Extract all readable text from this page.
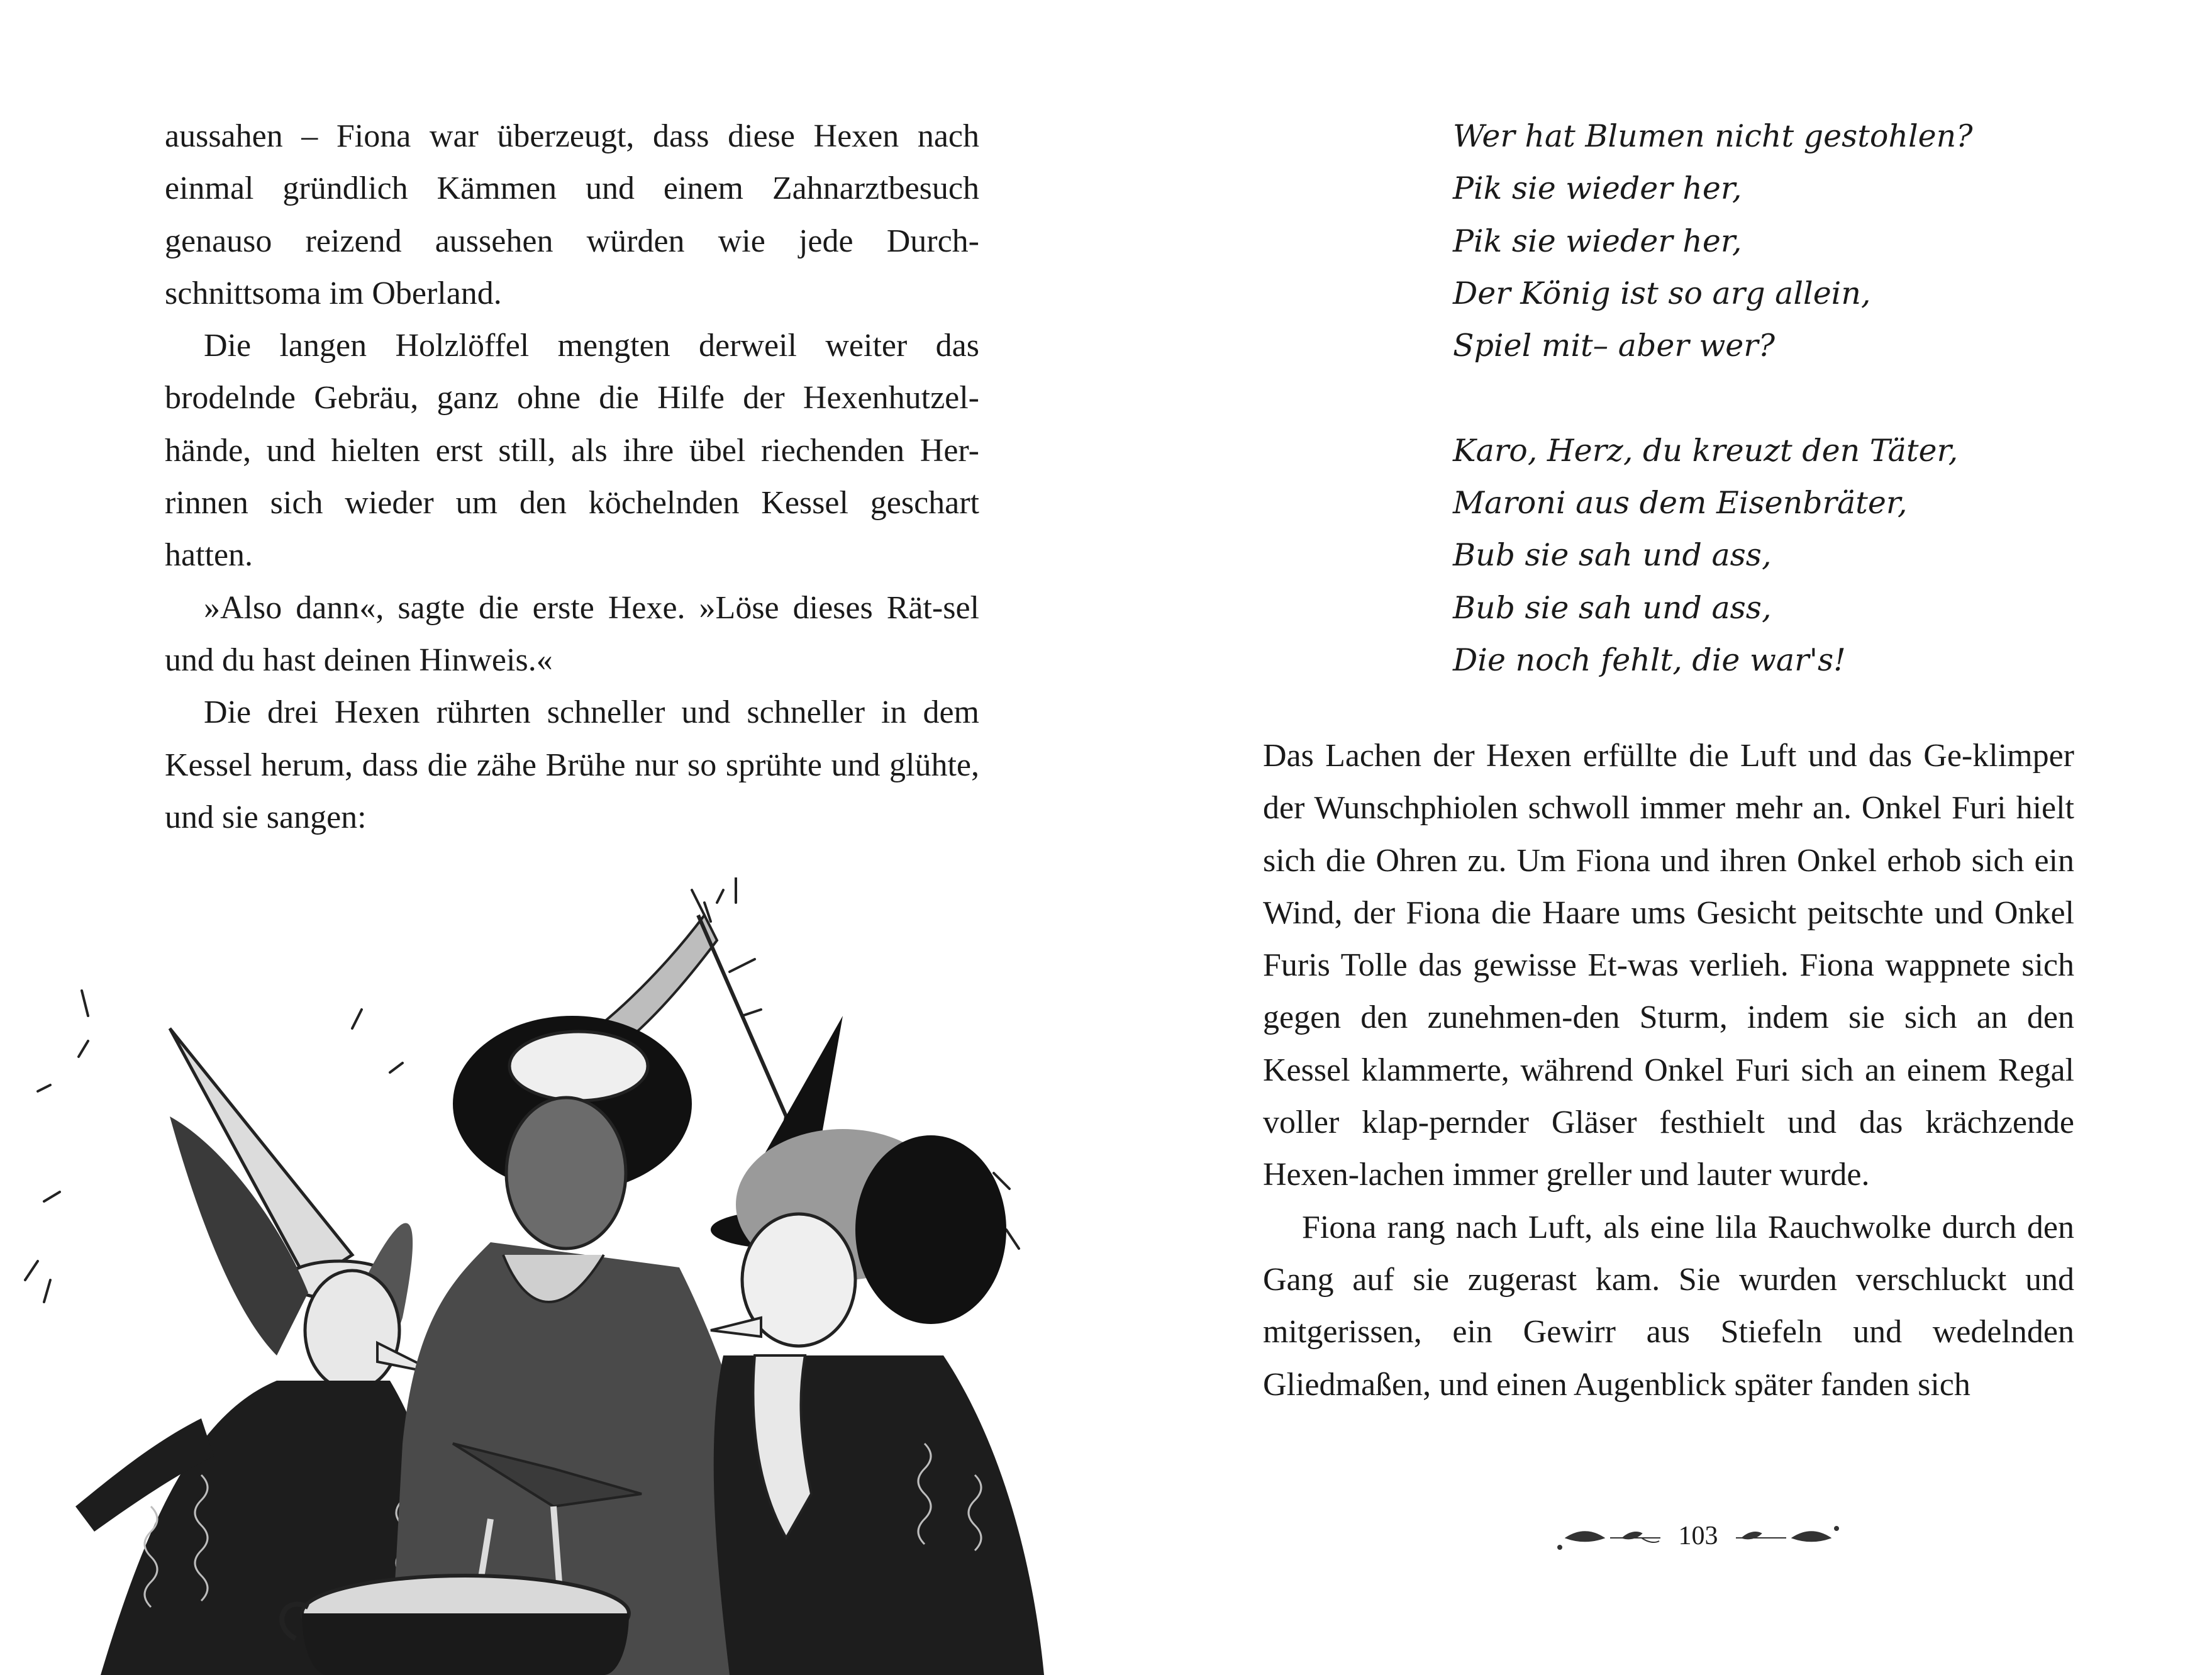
aussahen – Fiona war überzeugt, dass diese Hexen nach einmal gründlich Kämmen und einem Zahnarztbesuch genauso reizend aussehen würden wie jede Durch-schnittsoma im Oberland.

Die langen Holzlöffel mengten derweil weiter das brodelnde Gebräu, ganz ohne die Hilfe der Hexenhutzel-hände, und hielten erst still, als ihre übel riechenden Her-rinnen sich wieder um den köchelnden Kessel geschart hatten.

»Also dann«, sagte die erste Hexe. »Löse dieses Rät-sel und du hast deinen Hinweis.«

Die drei Hexen rührten schneller und schneller in dem Kessel herum, dass die zähe Brühe nur so sprühte und glühte, und sie sangen:

Wer hat Blumen nicht gestohlen?
Pik sie wieder her,
Pik sie wieder her,
Der König ist so arg allein,
Spiel mit– aber wer?
Karo, Herz, du kreuzt den Täter,
Maroni aus dem Eisenbräter,
Bub sie sah und ass,
Bub sie sah und ass,
Die noch fehlt, die war's!

Das Lachen der Hexen erfüllte die Luft und das Ge-klimper der Wunschphiolen schwoll immer mehr an. Onkel Furi hielt sich die Ohren zu. Um Fiona und ihren Onkel erhob sich ein Wind, der Fiona die Haare ums Gesicht peitschte und Onkel Furis Tolle das gewisse Et-was verlieh. Fiona wappnete sich gegen den zunehmen-den Sturm, indem sie sich an den Kessel klammerte, während Onkel Furi sich an einem Regal voller klap-pernder Gläser festhielt und das krächzende Hexen-lachen immer greller und lauter wurde.

Fiona rang nach Luft, als eine lila Rauchwolke durch den Gang auf sie zugerast kam. Sie wurden verschluckt und mitgerissen, ein Gewirr aus Stiefeln und wedelnden Gliedmaßen, und einen Augenblick später fanden sich

103
